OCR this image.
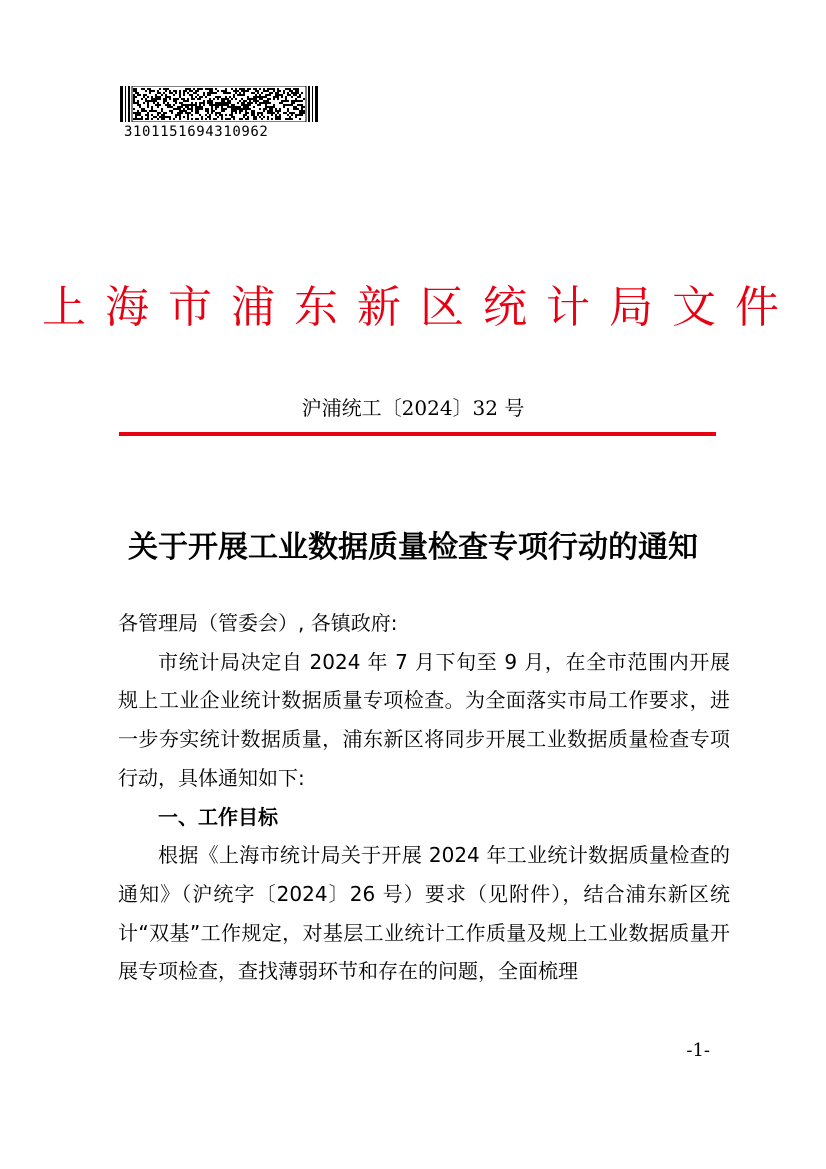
3101151694310962
上海市浦东新区统计局文件
沪浦统工〔2024〕32 号
关于开展工业数据质量检查专项行动的通知

各管理局（管委会）, 各镇政府:

市统计局决定自 2024 年 7 月下旬至 9 月，在全市范围内开展规上工业企业统计数据质量专项检查。为全面落实市局工作要求，进一步夯实统计数据质量，浦东新区将同步开展工业数据质量检查专项行动，具体通知如下:

一、工作目标

根据《上海市统计局关于开展 2024 年工业统计数据质量检查的通知》（沪统字〔2024〕26 号）要求（见附件），结合浦东新区统计“双基”工作规定，对基层工业统计工作质量及规上工业数据质量开展专项检查，查找薄弱环节和存在的问题，全面梳理

-1-
